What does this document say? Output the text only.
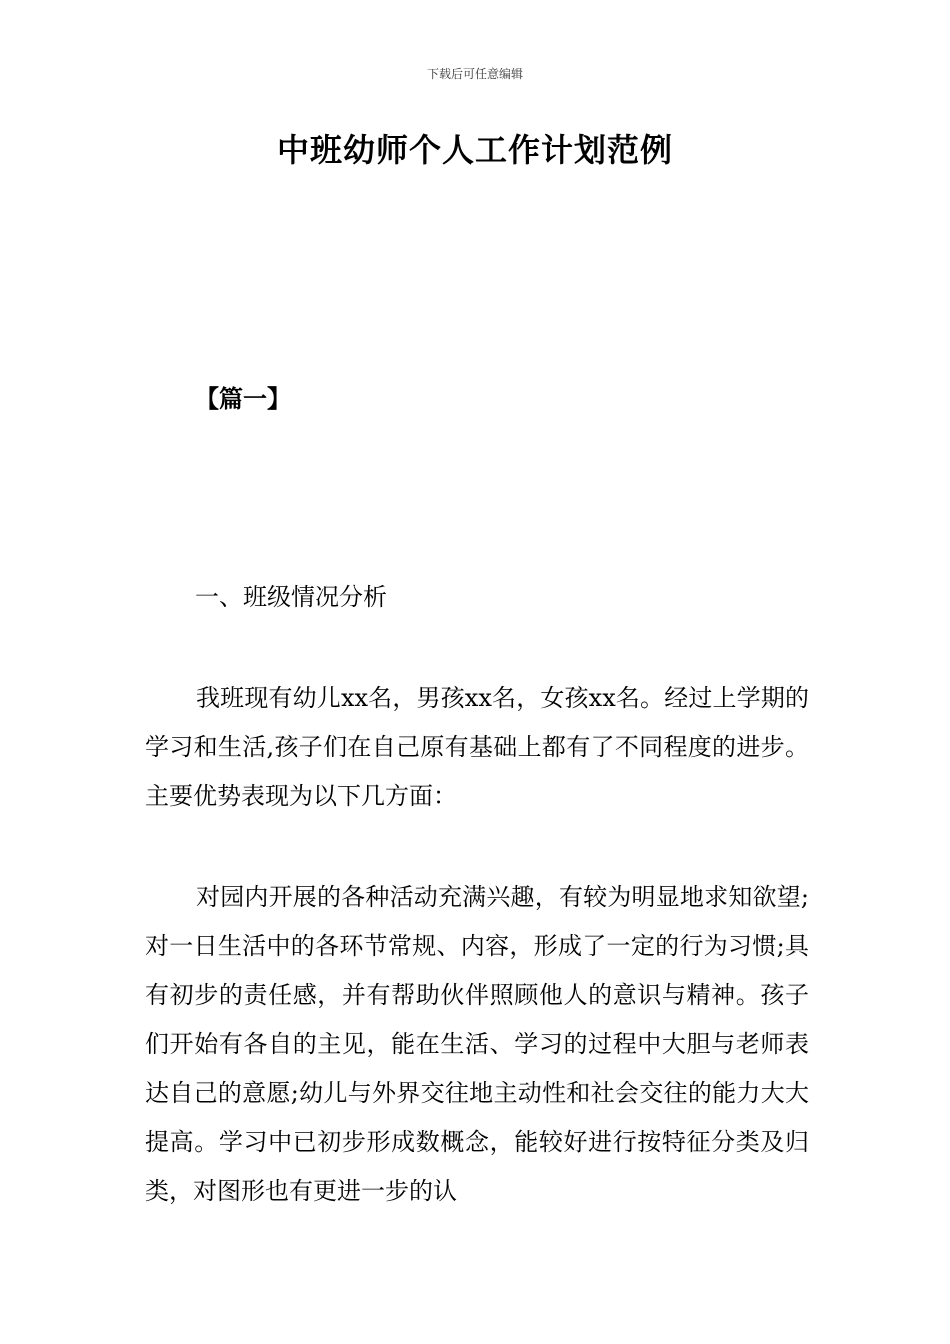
下载后可任意编辑
中班幼师个人工作计划范例

【篇一】

一、班级情况分析

我班现有幼儿xx名，男孩xx名，女孩xx名。经过上学期的学习和生活,孩子们在自己原有基础上都有了不同程度的进步。主要优势表现为以下几方面：

对园内开展的各种活动充满兴趣，有较为明显地求知欲望;对一日生活中的各环节常规、内容，形成了一定的行为习惯;具有初步的责任感，并有帮助伙伴照顾他人的意识与精神。孩子们开始有各自的主见，能在生活、学习的过程中大胆与老师表达自己的意愿;幼儿与外界交往地主动性和社会交往的能力大大提高。学习中已初步形成数概念，能较好进行按特征分类及归类，对图形也有更进一步的认
